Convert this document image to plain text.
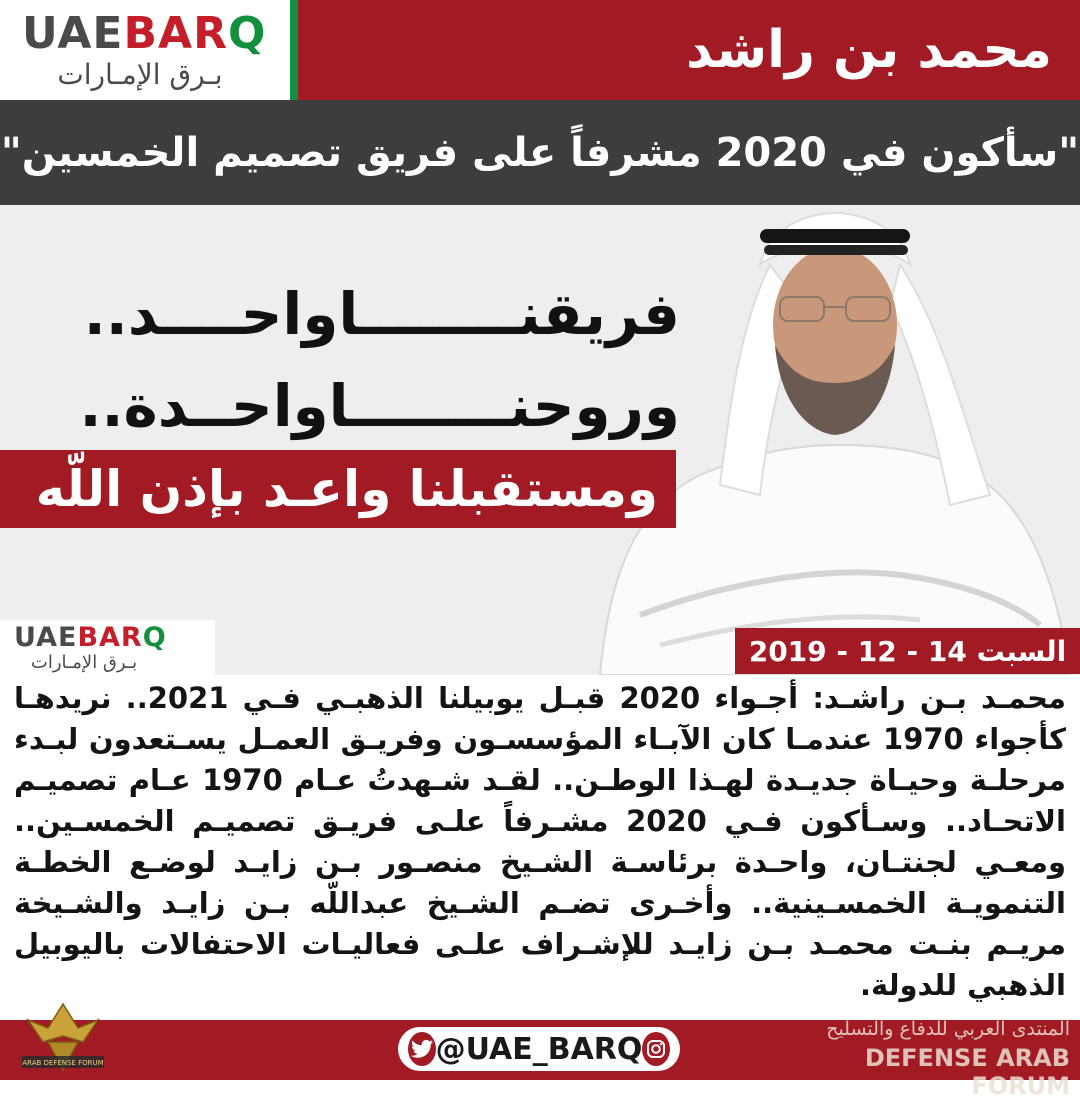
UAEBARQ
بـرق الإمـارات	محمد بن راشد
"سأكون في 2020 مشرفاً على فريق تصميم الخمسين"
فريقنــــــــاواحــــد..
وروحنــــــــاواحــدة..
ومستقبلنا واعـد بإذن اللّه
UAEBARQ
بـرق الإمـارات	السبت 14 - 12 - 2019
محمـد بـن راشـد: أجـواء 2020 قبـل يوبيلنا الذهبـي فـي 2021.. نريدهـا كأجواء 1970 عندمـا كان الآبـاء المؤسسـون وفريـق العمـل يسـتعدون لبـدء مرحلـة وحيـاة جديـدة لهـذا الوطـن.. لقـد شـهدتُ عـام 1970 عـام تصميـم الاتحـاد.. وسـأكون فـي 2020 مشـرفاً علـى فريـق تصميـم الخمسـين.. ومعـي لجنتـان، واحـدة برئاسـة الشـيخ منصـور بـن زايـد لوضـع الخطـة التنمويـة الخمسـينية.. وأخـرى تضـم الشـيخ عبداللّه بـن زايـد والشـيخة مريـم بنـت محمـد بـن زايـد للإشـراف علـى فعاليـات الاحتفالات باليوبيل الذهبي للدولة.
@UAE_BARQ
المنتدى العربي للدفاع والتسليح
DEFENSE ARAB FORUM
ARAB DEFENSE FORUM
